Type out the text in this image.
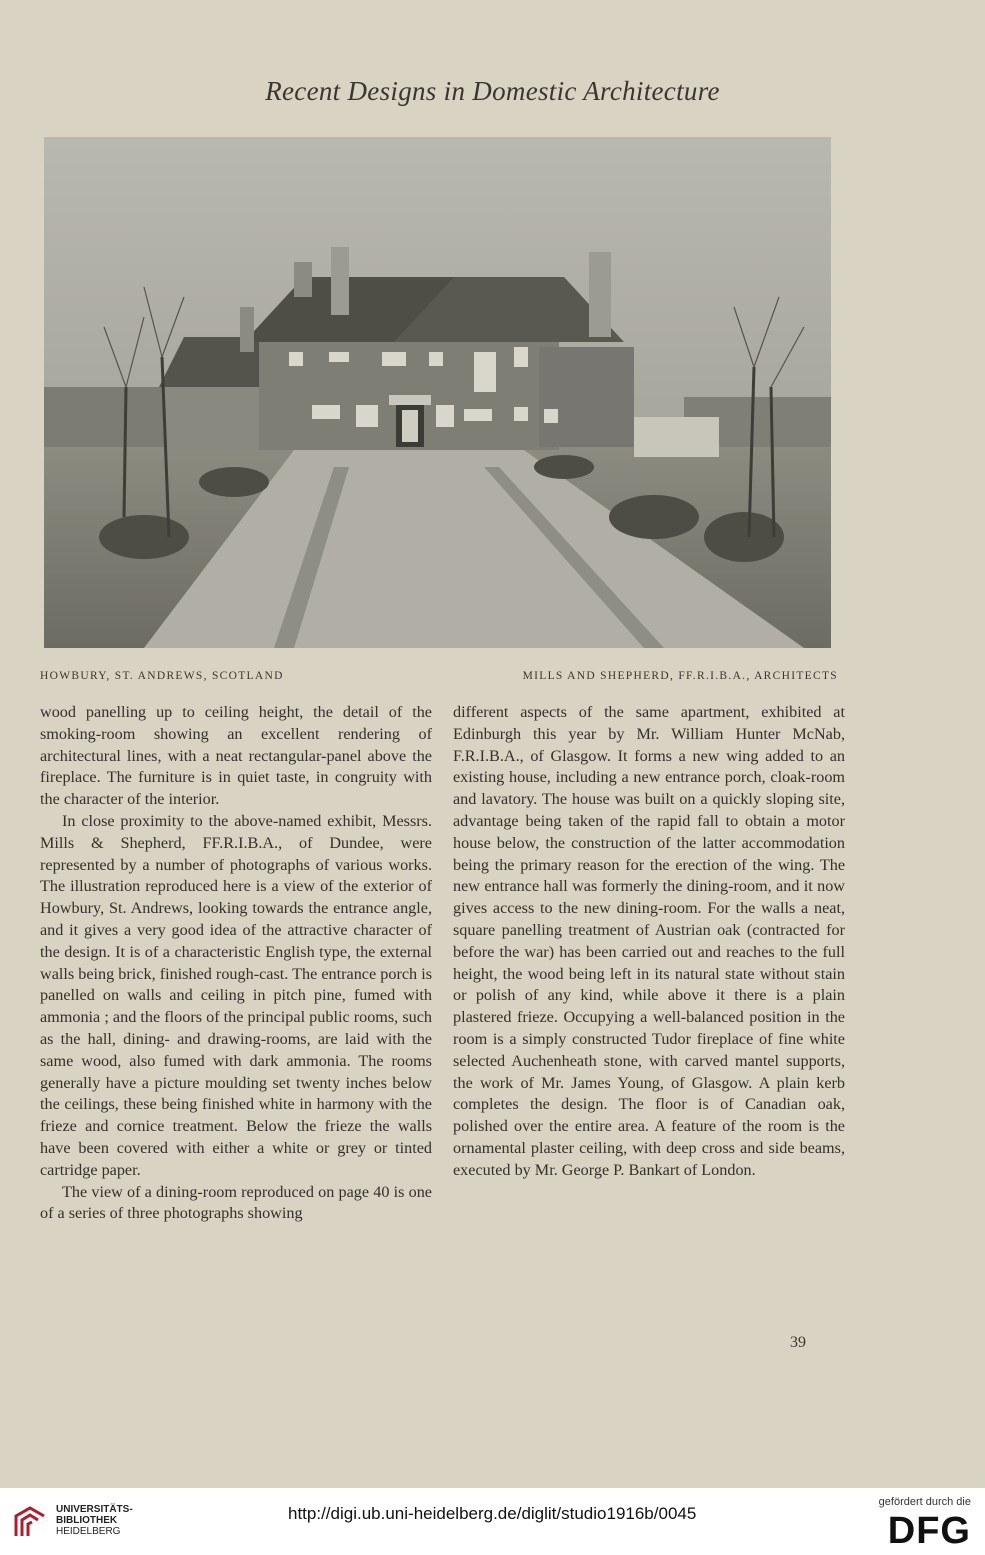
Recent Designs in Domestic Architecture
HOWBURY, ST. ANDREWS, SCOTLAND	MILLS AND SHEPHERD, FF.R.I.B.A., ARCHITECTS

wood panelling up to ceiling height, the detail of the smoking-room showing an excellent rendering of architectural lines, with a neat rectangular-panel above the fireplace. The furniture is in quiet taste, in congruity with the character of the interior.

In close proximity to the above-named exhibit, Messrs. Mills & Shepherd, FF.R.I.B.A., of Dundee, were represented by a number of photographs of various works. The illustration reproduced here is a view of the exterior of Howbury, St. Andrews, looking towards the entrance angle, and it gives a very good idea of the attractive character of the design. It is of a characteristic English type, the external walls being brick, finished rough-cast. The entrance porch is panelled on walls and ceiling in pitch pine, fumed with ammonia ; and the floors of the principal public rooms, such as the hall, dining- and drawing-rooms, are laid with the same wood, also fumed with dark ammonia. The rooms generally have a picture moulding set twenty inches below the ceilings, these being finished white in harmony with the frieze and cornice treatment. Below the frieze the walls have been covered with either a white or grey or tinted cartridge paper.

The view of a dining-room reproduced on page 40 is one of a series of three photographs showing

different aspects of the same apartment, exhibited at Edinburgh this year by Mr. William Hunter McNab, F.R.I.B.A., of Glasgow. It forms a new wing added to an existing house, including a new entrance porch, cloak-room and lavatory. The house was built on a quickly sloping site, advantage being taken of the rapid fall to obtain a motor house below, the construction of the latter accommodation being the primary reason for the erection of the wing. The new entrance hall was formerly the dining-room, and it now gives access to the new dining-room. For the walls a neat, square panelling treatment of Austrian oak (contracted for before the war) has been carried out and reaches to the full height, the wood being left in its natural state without stain or polish of any kind, while above it there is a plain plastered frieze. Occupying a well-balanced position in the room is a simply constructed Tudor fireplace of fine white selected Auchenheath stone, with carved mantel supports, the work of Mr. James Young, of Glasgow. A plain kerb completes the design. The floor is of Canadian oak, polished over the entire area. A feature of the room is the ornamental plaster ceiling, with deep cross and side beams, executed by Mr. George P. Bankart of London.

39
UNIVERSITÄTS-
BIBLIOTHEK
HEIDELBERG
http://digi.ub.uni-heidelberg.de/diglit/studio1916b/0045
gefördert durch die
DFG
